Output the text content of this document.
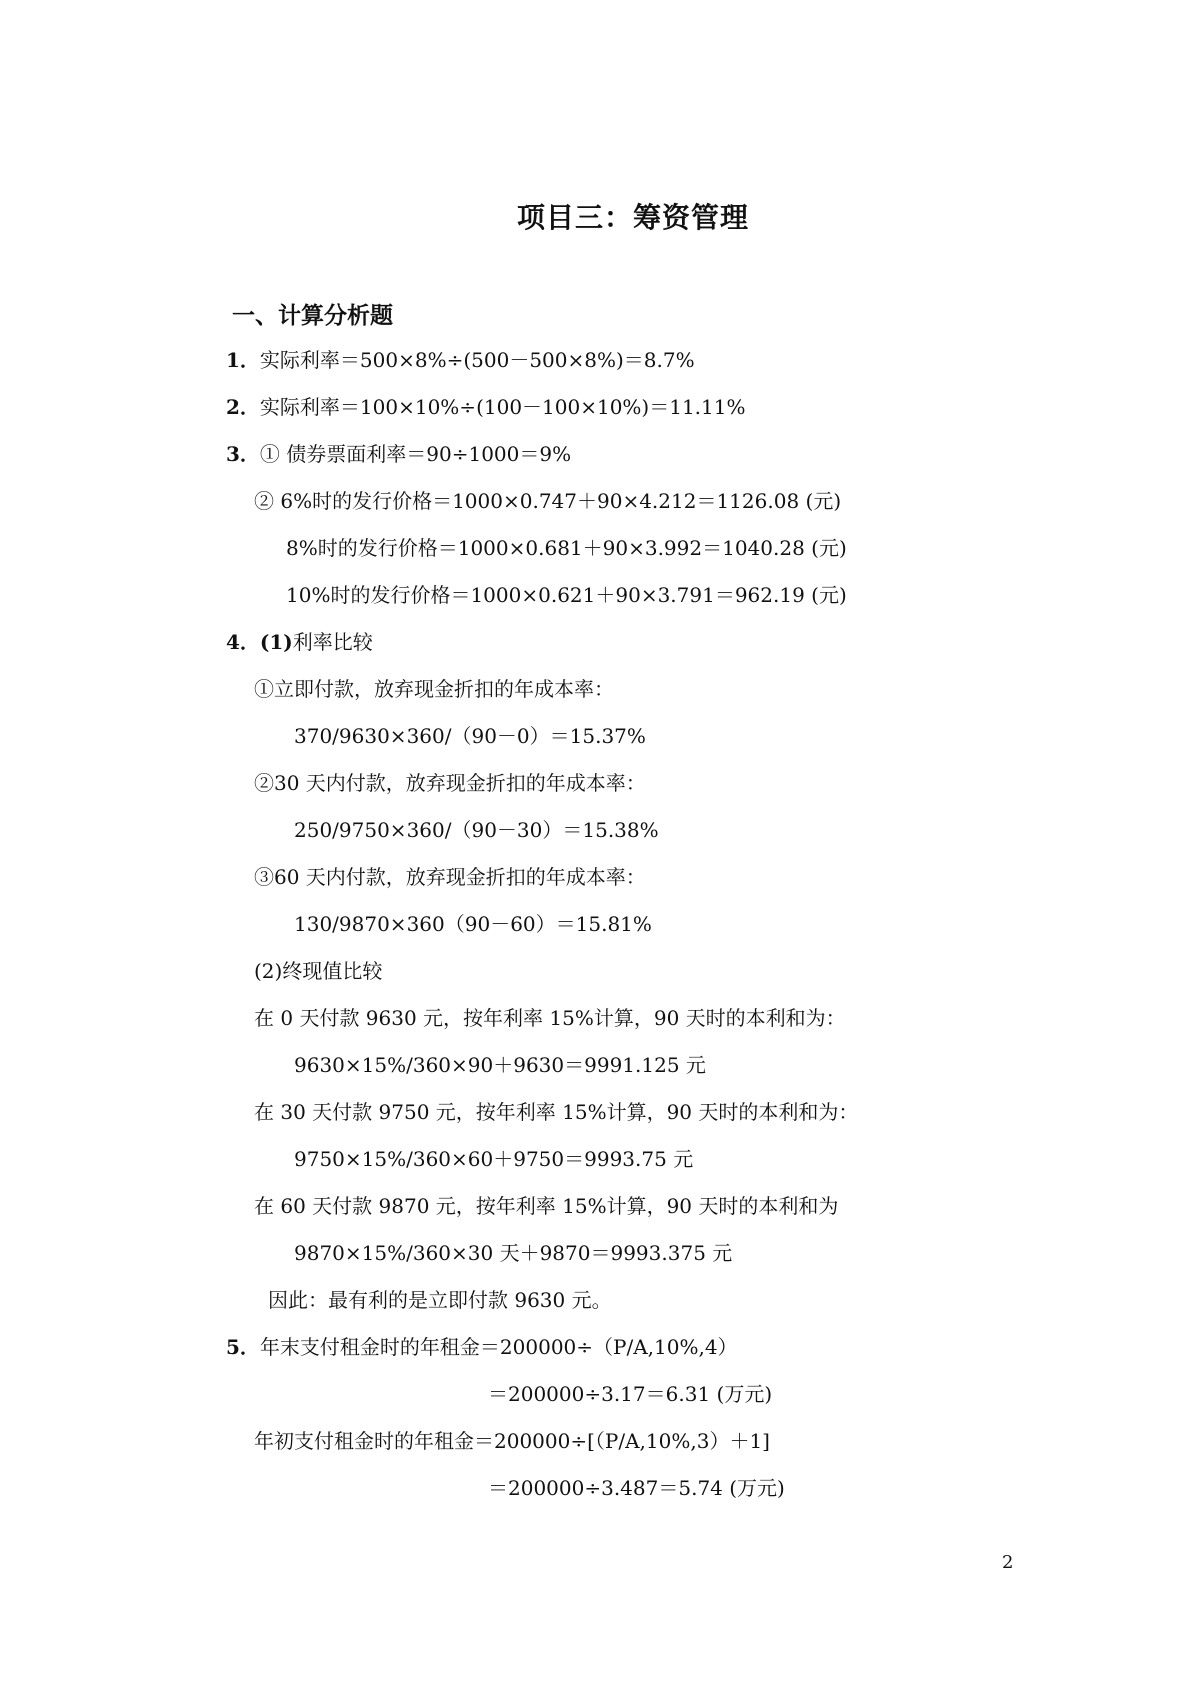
项目三：筹资管理
一、计算分析题
1．实际利率＝500×8%÷(500－500×8%)＝8.7%
2．实际利率＝100×10%÷(100－100×10%)＝11.11%
3．① 债券票面利率＝90÷1000＝9%
② 6%时的发行价格＝1000×0.747＋90×4.212＝1126.08 (元)
8%时的发行价格＝1000×0.681＋90×3.992＝1040.28 (元)
10%时的发行价格＝1000×0.621＋90×3.791＝962.19 (元)
4．(1)利率比较
①立即付款，放弃现金折扣的年成本率：
370/9630×360/（90－0）＝15.37%
②30 天内付款，放弃现金折扣的年成本率：
250/9750×360/（90－30）＝15.38%
③60 天内付款，放弃现金折扣的年成本率：
130/9870×360（90－60）＝15.81%
(2)终现值比较
在 0 天付款 9630 元，按年利率 15%计算，90 天时的本利和为：
9630×15%/360×90＋9630＝9991.125 元
在 30 天付款 9750 元，按年利率 15%计算，90 天时的本利和为：
9750×15%/360×60＋9750＝9993.75 元
在 60 天付款 9870 元，按年利率 15%计算，90 天时的本利和为
9870×15%/360×30 天＋9870＝9993.375 元
因此：最有利的是立即付款 9630 元。
5．年末支付租金时的年租金＝200000÷（P/A,10%,4）
＝200000÷3.17＝6.31 (万元)
年初支付租金时的年租金＝200000÷[（P/A,10%,3）＋1]
＝200000÷3.487＝5.74 (万元)
2
